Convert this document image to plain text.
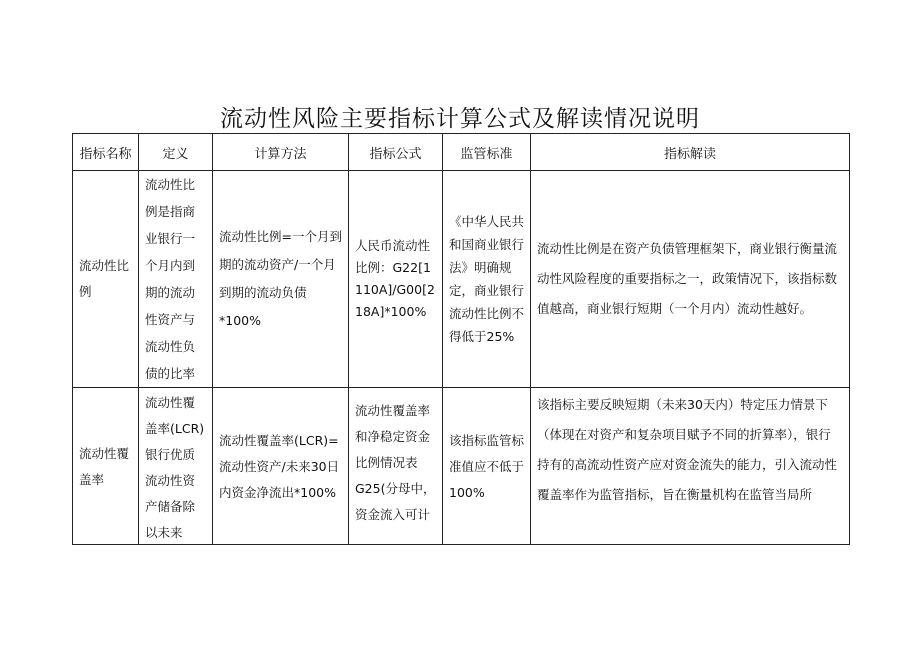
流动性风险主要指标计算公式及解读情况说明
指标名称	定义	计算方法	指标公式	监管标准	指标解读

流动性比例	流动性比例是指商业银行一个月内到期的流动性资产与流动性负债的比率	流动性比例=一个月到期的流动资产/一个月到期的流动负债*100%	人民币流动性比例：G22[1110A]/G00[218A]*100%	《中华人民共和国商业银行法》明确规定，商业银行流动性比例不得低于25%	流动性比例是在资产负债管理框架下，商业银行衡量流动性风险程度的重要指标之一，政策情况下，该指标数值越高，商业银行短期（一个月内）流动性越好。

流动性覆盖率	流动性覆盖率(LCR)银行优质流动性资产储备除以未来	流动性覆盖率(LCR)=流动性资产/未来30日内资金净流出*100%	流动性覆盖率和净稳定资金比例情况表G25(分母中，资金流入可计	该指标监管标准值应不低于100%	该指标主要反映短期（未来30天内）特定压力情景下（体现在对资产和复杂项目赋予不同的折算率），银行持有的高流动性资产应对资金流失的能力，引入流动性覆盖率作为监管指标，旨在衡量机构在监管当局所
